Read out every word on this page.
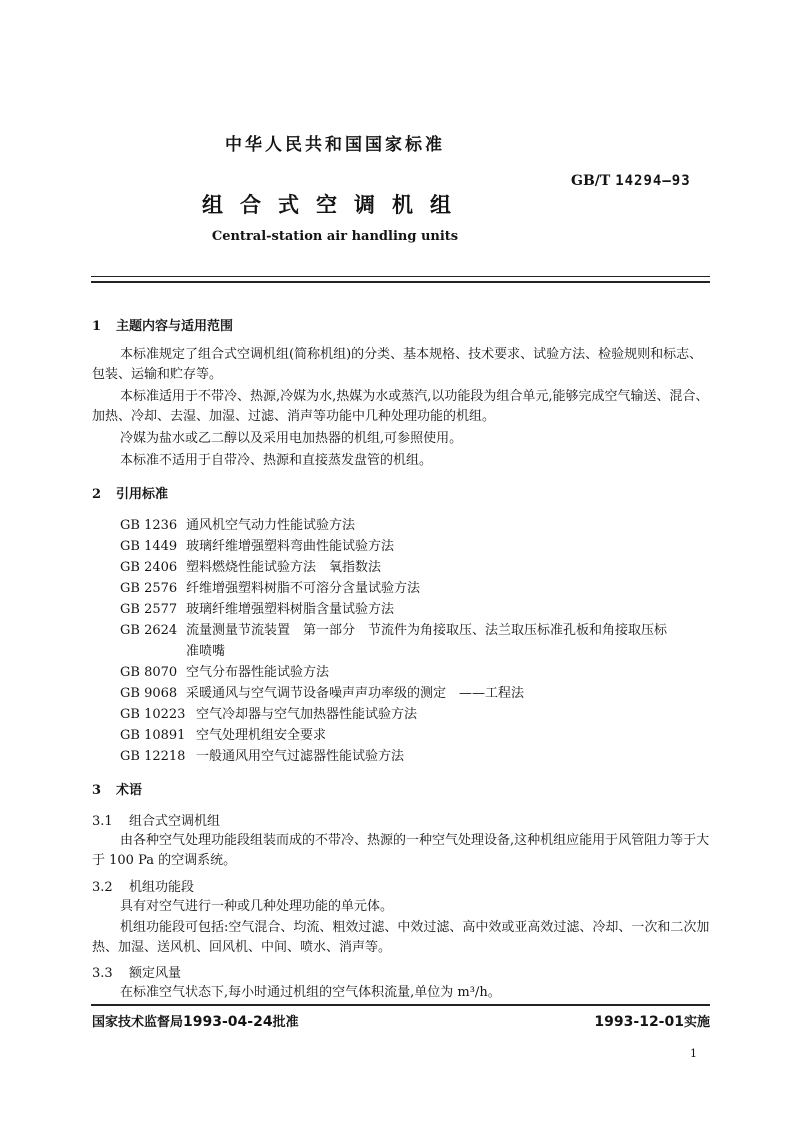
中华人民共和国国家标准
GB/T 14294—93
组合式空调机组
Central-station air handling units
1 主题内容与适用范围
本标准规定了组合式空调机组(简称机组)的分类、基本规格、技术要求、试验方法、检验规则和标志、包装、运输和贮存等。
本标准适用于不带冷、热源,冷媒为水,热媒为水或蒸汽,以功能段为组合单元,能够完成空气输送、混合、加热、冷却、去湿、加湿、过滤、消声等功能中几种处理功能的机组。
冷媒为盐水或乙二醇以及采用电加热器的机组,可参照使用。
本标准不适用于自带冷、热源和直接蒸发盘管的机组。
2 引用标准
GB 1236 通风机空气动力性能试验方法
GB 1449 玻璃纤维增强塑料弯曲性能试验方法
GB 2406 塑料燃烧性能试验方法　氧指数法
GB 2576 纤维增强塑料树脂不可溶分含量试验方法
GB 2577 玻璃纤维增强塑料树脂含量试验方法
GB 2624 流量测量节流装置　第一部分　节流件为角接取压、法兰取压标准孔板和角接取压标
准喷嘴
GB 8070 空气分布器性能试验方法
GB 9068 采暖通风与空气调节设备噪声声功率级的测定　——工程法
GB 10223 空气冷却器与空气加热器性能试验方法
GB 10891 空气处理机组安全要求
GB 12218 一般通风用空气过滤器性能试验方法
3 术语
3.1 组合式空调机组
由各种空气处理功能段组装而成的不带冷、热源的一种空气处理设备,这种机组应能用于风管阻力等于大于 100 Pa 的空调系统。
3.2 机组功能段
具有对空气进行一种或几种处理功能的单元体。
机组功能段可包括:空气混合、均流、粗效过滤、中效过滤、高中效或亚高效过滤、冷却、一次和二次加热、加湿、送风机、回风机、中间、喷水、消声等。
3.3 额定风量
在标准空气状态下,每小时通过机组的空气体积流量,单位为 m³/h。
国家技术监督局1993-04-24批准	1993-12-01实施
1
